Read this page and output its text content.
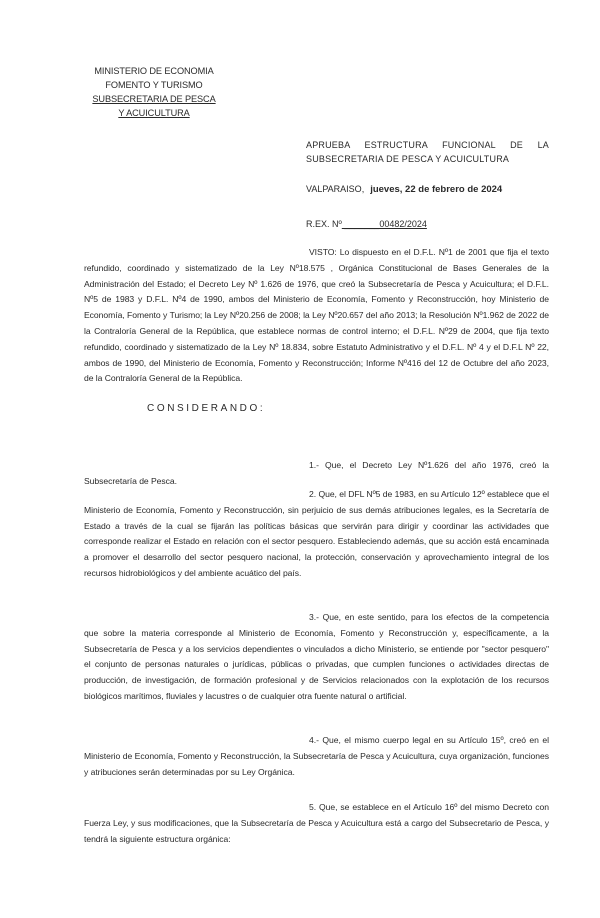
MINISTERIO DE ECONOMIA
FOMENTO Y TURISMO
SUBSECRETARIA DE PESCA
Y ACUICULTURA
APRUEBA ESTRUCTURA FUNCIONAL DE LA
SUBSECRETARIA DE PESCA Y ACUICULTURA
VALPARAISO, jueves, 22 de febrero de 2024
R.EX. Nº _______00482/2024

VISTO: Lo dispuesto en el D.F.L. Nº1 de 2001 que fija el texto refundido, coordinado y sistematizado de la Ley Nº18.575 , Orgánica Constitucional de Bases Generales de la Administración del Estado; el Decreto Ley Nº 1.626 de 1976, que creó la Subsecretaría de Pesca y Acuicultura; el D.F.L. Nº5 de 1983 y D.F.L. Nº4 de 1990, ambos del Ministerio de Economía, Fomento y Reconstrucción, hoy Ministerio de Economía, Fomento y Turismo; la Ley Nº20.256 de 2008; la Ley Nº20.657 del año 2013; la Resolución Nº1.962 de 2022 de la Contraloría General de la República, que establece normas de control interno; el D.F.L. Nº29 de 2004, que fija texto refundido, coordinado y sistematizado de la Ley Nº 18.834, sobre Estatuto Administrativo y el D.F.L. Nº 4 y el D.F.L Nº 22, ambos de 1990, del Ministerio de Economía, Fomento y Reconstrucción; Informe Nº416 del 12 de Octubre del año 2023, de la Contraloría General de la República.

CONSIDERANDO:

1.- Que, el Decreto Ley Nº1.626 del año 1976, creó la Subsecretaría de Pesca.

2. Que, el DFL Nº5 de 1983, en su Artículo 12º establece que el Ministerio de Economía, Fomento y Reconstrucción, sin perjuicio de sus demás atribuciones legales, es la Secretaría de Estado a través de la cual se fijarán las políticas básicas que servirán para dirigir y coordinar las actividades que corresponde realizar el Estado en relación con el sector pesquero. Estableciendo además, que su acción está encaminada a promover el desarrollo del sector pesquero nacional, la protección, conservación y aprovechamiento integral de los recursos hidrobiológicos y del ambiente acuático del país.

3.- Que, en este sentido, para los efectos de la competencia que sobre la materia corresponde al Ministerio de Economía, Fomento y Reconstrucción y, específicamente, a la Subsecretaría de Pesca y a los servicios dependientes o vinculados a dicho Ministerio, se entiende por "sector pesquero" el conjunto de personas naturales o jurídicas, públicas o privadas, que cumplen funciones o actividades directas de producción, de investigación, de formación profesional y de Servicios relacionados con la explotación de los recursos biológicos marítimos, fluviales y lacustres o de cualquier otra fuente natural o artificial.

4.- Que, el mismo cuerpo legal en su Artículo 15º, creó en el Ministerio de Economía, Fomento y Reconstrucción, la Subsecretaría de Pesca y Acuicultura, cuya organización, funciones y atribuciones serán determinadas por su Ley Orgánica.

5. Que, se establece en el Artículo 16º del mismo Decreto con Fuerza Ley, y sus modificaciones, que la Subsecretaría de Pesca y Acuicultura está a cargo del Subsecretario de Pesca, y tendrá la siguiente estructura orgánica:
